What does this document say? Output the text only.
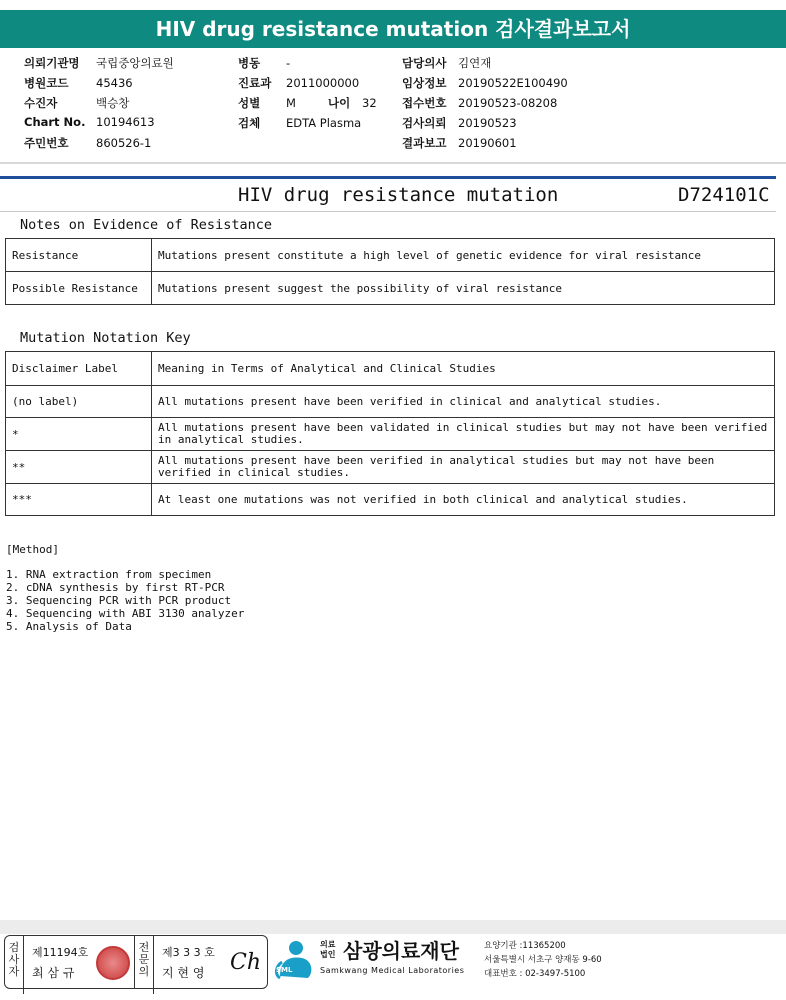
HIV drug resistance mutation 검사결과보고서
의뢰기관명 국립중앙의료원
병원코드 45436
수진자	백승창
Chart No. 10194613
주민번호 860526-1
병동 -
진료과 2011000000
성별 M	나이 32
검체 EDTA Plasma
담당의사 김연재
임상정보 20190522E100490
접수번호 20190523-08208
검사의뢰 20190523
결과보고 20190601
HIV drug resistance mutation	D724101C
Notes on Evidence of Resistance
Resistance	Mutations present constitute a high level of genetic evidence for viral resistance
Possible Resistance	Mutations present suggest the possibility of viral resistance
Mutation Notation Key
Disclaimer Label	Meaning in Terms of Analytical and Clinical Studies
(no label)	All mutations present have been verified in clinical and analytical studies.
*	All mutations present have been validated in clinical studies but may not have been verified in analytical studies.
**	All mutations present have been verified in analytical studies but may not have been verified in clinical studies.
***	At least one mutations was not verified in both clinical and analytical studies.
[Method]
1. RNA extraction from specimen
2. cDNA synthesis by first RT-PCR
3. Sequencing PCR with PCR product
4. Sequencing with ABI 3130 analyzer
5. Analysis of Data
검사자
제11194호
최 삼 규
전문의
제3 3 3 호
지 현 영 Ch SML
의료
법인 삼광의료재단
Samkwang Medical Laboratories
요양기관 :11365200
서울특별시 서초구 양재동 9-60
대표번호 : 02-3497-5100
